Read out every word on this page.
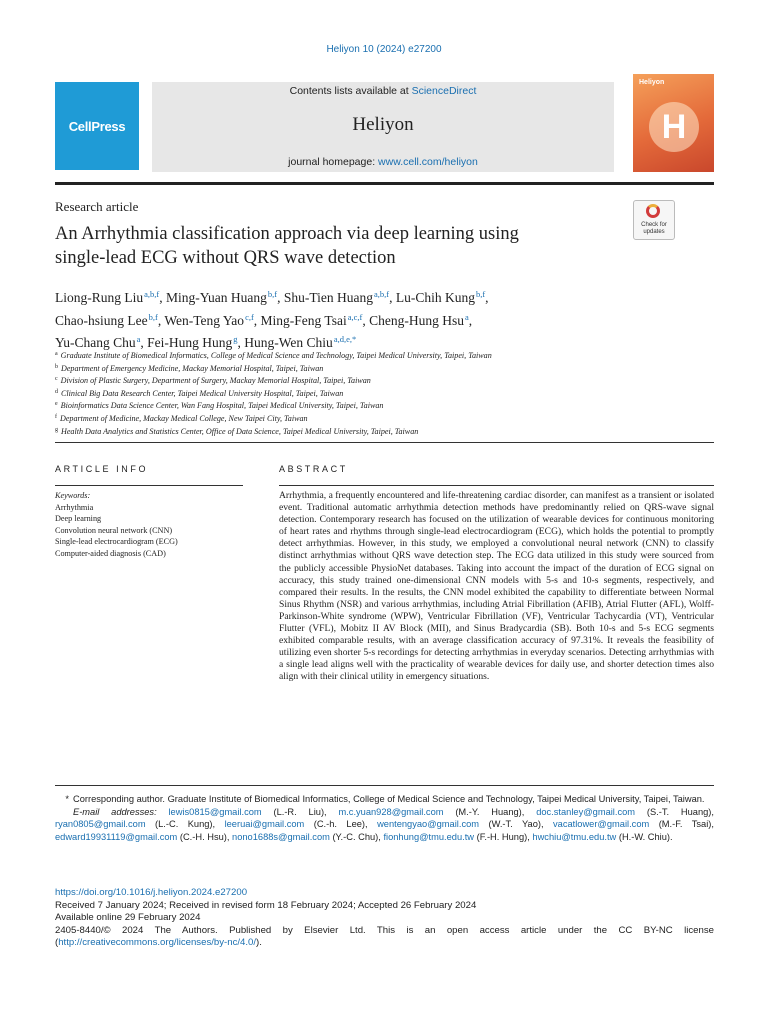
Heliyon 10 (2024) e27200
CellPress
Contents lists available at ScienceDirect
Heliyon
journal homepage: www.cell.com/heliyon
Heliyon
H
Research article
Check for
updates
An Arrhythmia classification approach via deep learning using
single-lead ECG without QRS wave detection
Liong-Rung Liu$^{a,b,f}$, Ming-Yuan Huang$^{b,f}$, Shu-Tien Huang$^{a,b,f}$, Lu-Chih Kung$^{b,f}$,
Chao-hsiung Lee$^{b,f}$, Wen-Teng Yao$^{c,f}$, Ming-Feng Tsai$^{a,c,f}$, Cheng-Hung Hsu$^a$,
Yu-Chang Chu$^a$, Fei-Hung Hung$^g$, Hung-Wen Chiu$^{a,d,e,*}$
$^a$ Graduate Institute of Biomedical Informatics, College of Medical Science and Technology, Taipei Medical University, Taipei, Taiwan
$^b$ Department of Emergency Medicine, Mackay Memorial Hospital, Taipei, Taiwan
$^c$ Division of Plastic Surgery, Department of Surgery, Mackay Memorial Hospital, Taipei, Taiwan
$^d$ Clinical Big Data Research Center, Taipei Medical University Hospital, Taipei, Taiwan
$^e$ Bioinformatics Data Science Center, Wan Fang Hospital, Taipei Medical University, Taipei, Taiwan
$^f$ Department of Medicine, Mackay Medical College, New Taipei City, Taiwan
$^g$ Health Data Analytics and Statistics Center, Office of Data Science, Taipei Medical University, Taipei, Taiwan
ARTICLE INFO	ABSTRACT
Keywords:
Arrhythmia
Deep learning
Convolution neural network (CNN)
Single-lead electrocardiogram (ECG)
Computer-aided diagnosis (CAD)
Arrhythmia, a frequently encountered and life-threatening cardiac disorder, can manifest as a transient or isolated event. Traditional automatic arrhythmia detection methods have predominantly relied on QRS-wave signal detection. Contemporary research has focused on the utilization of wearable devices for continuous monitoring of heart rates and rhythms through single-lead electrocardiogram (ECG), which holds the potential to promptly detect arrhythmias. However, in this study, we employed a convolutional neural network (CNN) to classify distinct arrhythmias without QRS wave detection step. The ECG data utilized in this study were sourced from the publicly accessible PhysioNet databases. Taking into account the impact of the duration of ECG signal on accuracy, this study trained one-dimensional CNN models with 5-s and 10-s segments, respectively, and compared their results. In the results, the CNN model exhibited the capability to differentiate between Normal Sinus Rhythm (NSR) and various arrhythmias, including Atrial Fibrillation (AFIB), Atrial Flutter (AFL), Wolff-Parkinson-White syndrome (WPW), Ventricular Fibrillation (VF), Ventricular Tachycardia (VT), Ventricular Flutter (VFL), Mobitz II AV Block (MII), and Sinus Bradycardia (SB). Both 10-s and 5-s ECG segments exhibited comparable results, with an average classification accuracy of 97.31%. It reveals the feasibility of utilizing even shorter 5-s recordings for detecting arrhythmias in everyday scenarios. Detecting arrhythmias with a single lead aligns well with the practicality of wearable devices for daily use, and shorter detection times also align with their clinical utility in emergency situations.
* Corresponding author. Graduate Institute of Biomedical Informatics, College of Medical Science and Technology, Taipei Medical University, Taipei, Taiwan.
E-mail addresses: lewis0815@gmail.com (L.-R. Liu), m.c.yuan928@gmail.com (M.-Y. Huang), doc.stanley@gmail.com (S.-T. Huang), ryan0805@gmail.com (L.-C. Kung), leeruai@gmail.com (C.-h. Lee), wentengyao@gmail.com (W.-T. Yao), vacatlower@gmail.com (M.-F. Tsai), edward19931119@gmail.com (C.-H. Hsu), nono1688s@gmail.com (Y.-C. Chu), fionhung@tmu.edu.tw (F.-H. Hung), hwchiu@tmu.edu.tw (H.-W. Chiu).
https://doi.org/10.1016/j.heliyon.2024.e27200
Received 7 January 2024; Received in revised form 18 February 2024; Accepted 26 February 2024
Available online 29 February 2024
2405-8440/© 2024 The Authors. Published by Elsevier Ltd. This is an open access article under the CC BY-NC license (http://creativecommons.org/licenses/by-nc/4.0/).
